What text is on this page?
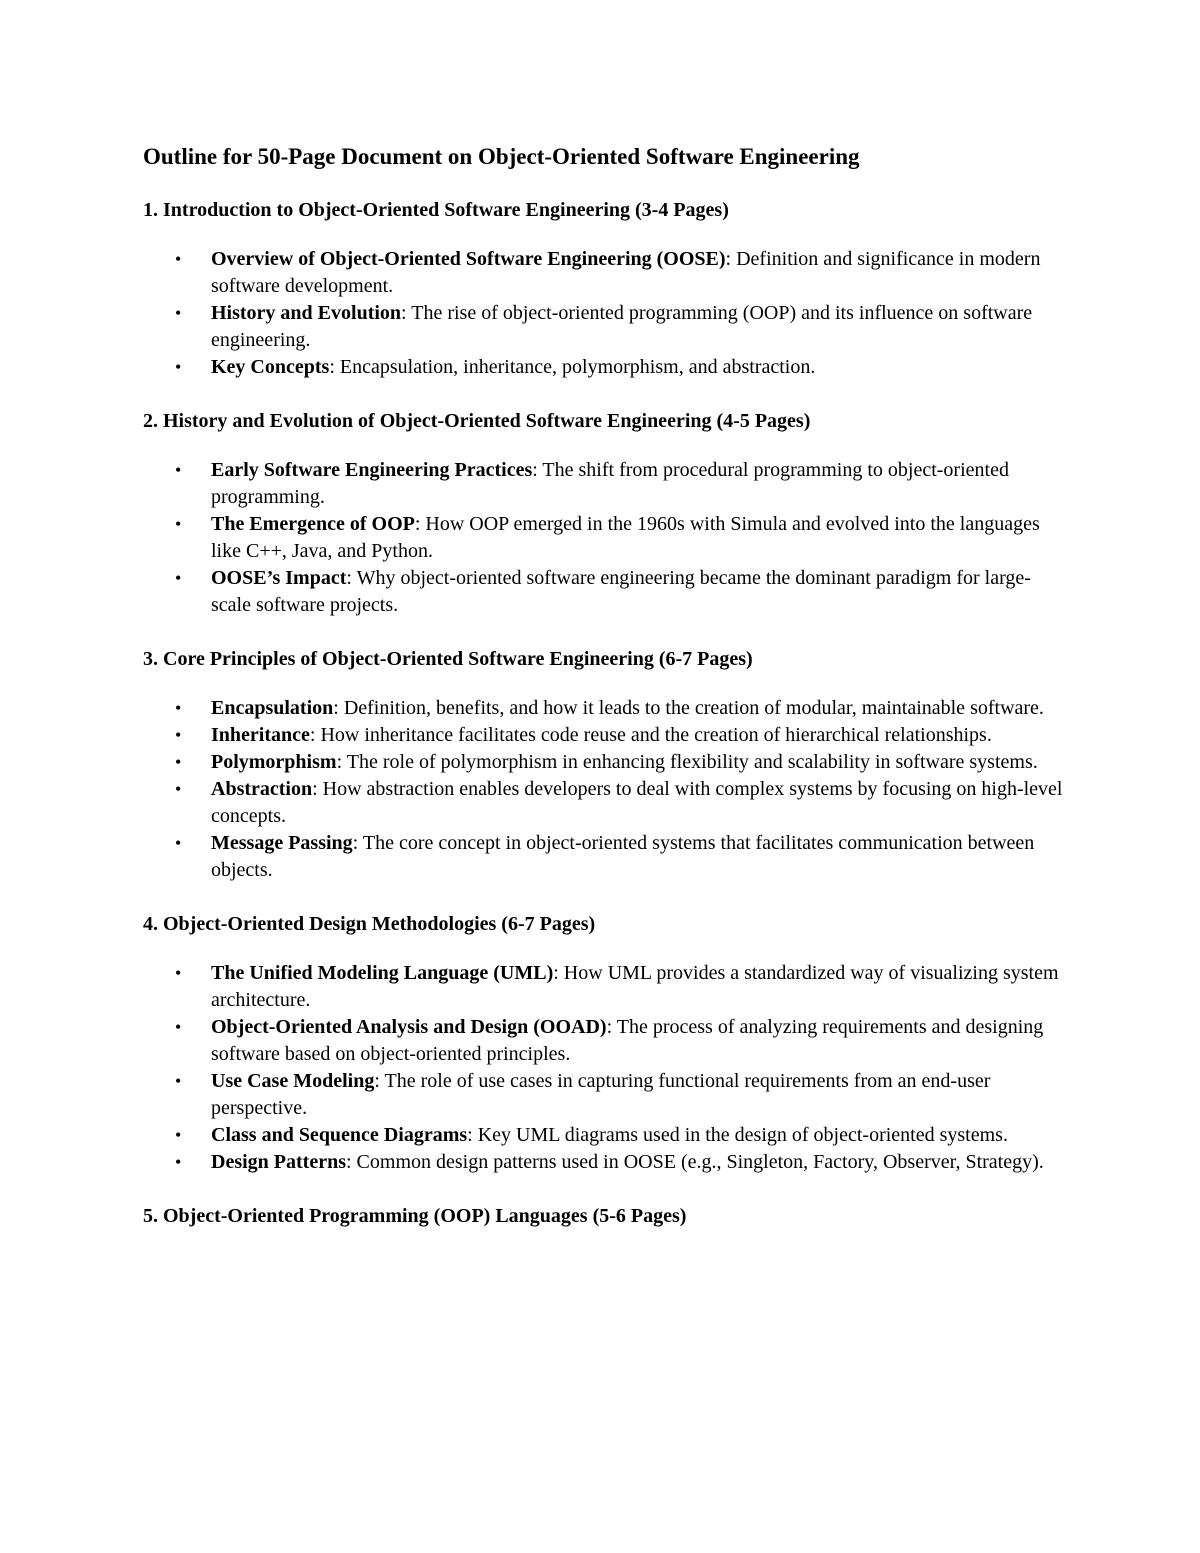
Outline for 50-Page Document on Object-Oriented Software Engineering
1. Introduction to Object-Oriented Software Engineering (3-4 Pages)
• Overview of Object-Oriented Software Engineering (OOSE): Definition and significance in modern software development.
• History and Evolution: The rise of object-oriented programming (OOP) and its influence on software engineering.
• Key Concepts: Encapsulation, inheritance, polymorphism, and abstraction.
2. History and Evolution of Object-Oriented Software Engineering (4-5 Pages)
• Early Software Engineering Practices: The shift from procedural programming to object-oriented programming.
• The Emergence of OOP: How OOP emerged in the 1960s with Simula and evolved into the languages like C++, Java, and Python.
• OOSE’s Impact: Why object-oriented software engineering became the dominant paradigm for large-scale software projects.
3. Core Principles of Object-Oriented Software Engineering (6-7 Pages)
• Encapsulation: Definition, benefits, and how it leads to the creation of modular, maintainable software.
• Inheritance: How inheritance facilitates code reuse and the creation of hierarchical relationships.
• Polymorphism: The role of polymorphism in enhancing flexibility and scalability in software systems.
• Abstraction: How abstraction enables developers to deal with complex systems by focusing on high-level concepts.
• Message Passing: The core concept in object-oriented systems that facilitates communication between objects.
4. Object-Oriented Design Methodologies (6-7 Pages)
• The Unified Modeling Language (UML): How UML provides a standardized way of visualizing system architecture.
• Object-Oriented Analysis and Design (OOAD): The process of analyzing requirements and designing software based on object-oriented principles.
• Use Case Modeling: The role of use cases in capturing functional requirements from an end-user perspective.
• Class and Sequence Diagrams: Key UML diagrams used in the design of object-oriented systems.
• Design Patterns: Common design patterns used in OOSE (e.g., Singleton, Factory, Observer, Strategy).
5. Object-Oriented Programming (OOP) Languages (5-6 Pages)
